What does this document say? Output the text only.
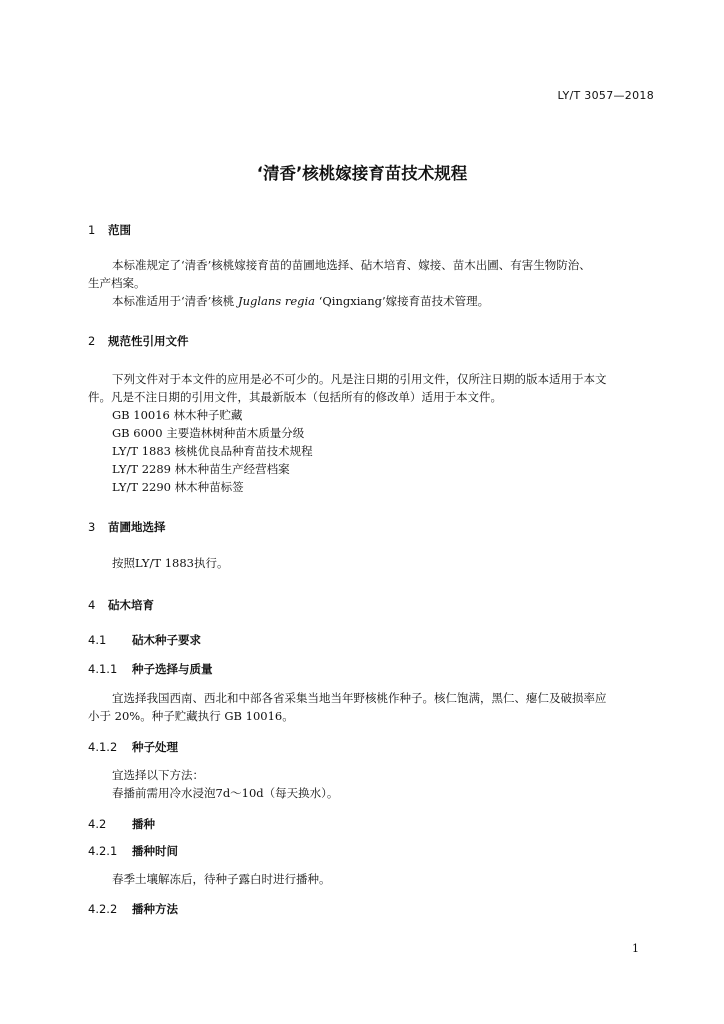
LY/T 3057—2018
‘清香’核桃嫁接育苗技术规程
1 范围
本标准规定了‘清香’核桃嫁接育苗的苗圃地选择、砧木培育、嫁接、苗木出圃、有害生物防治、
生产档案。
本标准适用于‘清香’核桃 Juglans regia ‘Qingxiang’嫁接育苗技术管理。
2 规范性引用文件
下列文件对于本文件的应用是必不可少的。凡是注日期的引用文件，仅所注日期的版本适用于本文
件。凡是不注日期的引用文件，其最新版本（包括所有的修改单）适用于本文件。
GB 10016 林木种子贮藏
GB 6000 主要造林树种苗木质量分级
LY/T 1883 核桃优良品种育苗技术规程
LY/T 2289 林木种苗生产经营档案
LY/T 2290 林木种苗标签
3 苗圃地选择
按照LY/T 1883执行。
4 砧木培育
4.1 砧木种子要求
4.1.1 种子选择与质量
宜选择我国西南、西北和中部各省采集当地当年野核桃作种子。核仁饱满，黑仁、瘪仁及破损率应
小于 20%。种子贮藏执行 GB 10016。
4.1.2 种子处理
宜选择以下方法：
春播前需用冷水浸泡7d～10d（每天换水）。
4.2 播种
4.2.1 播种时间
春季土壤解冻后，待种子露白时进行播种。
4.2.2 播种方法
1
